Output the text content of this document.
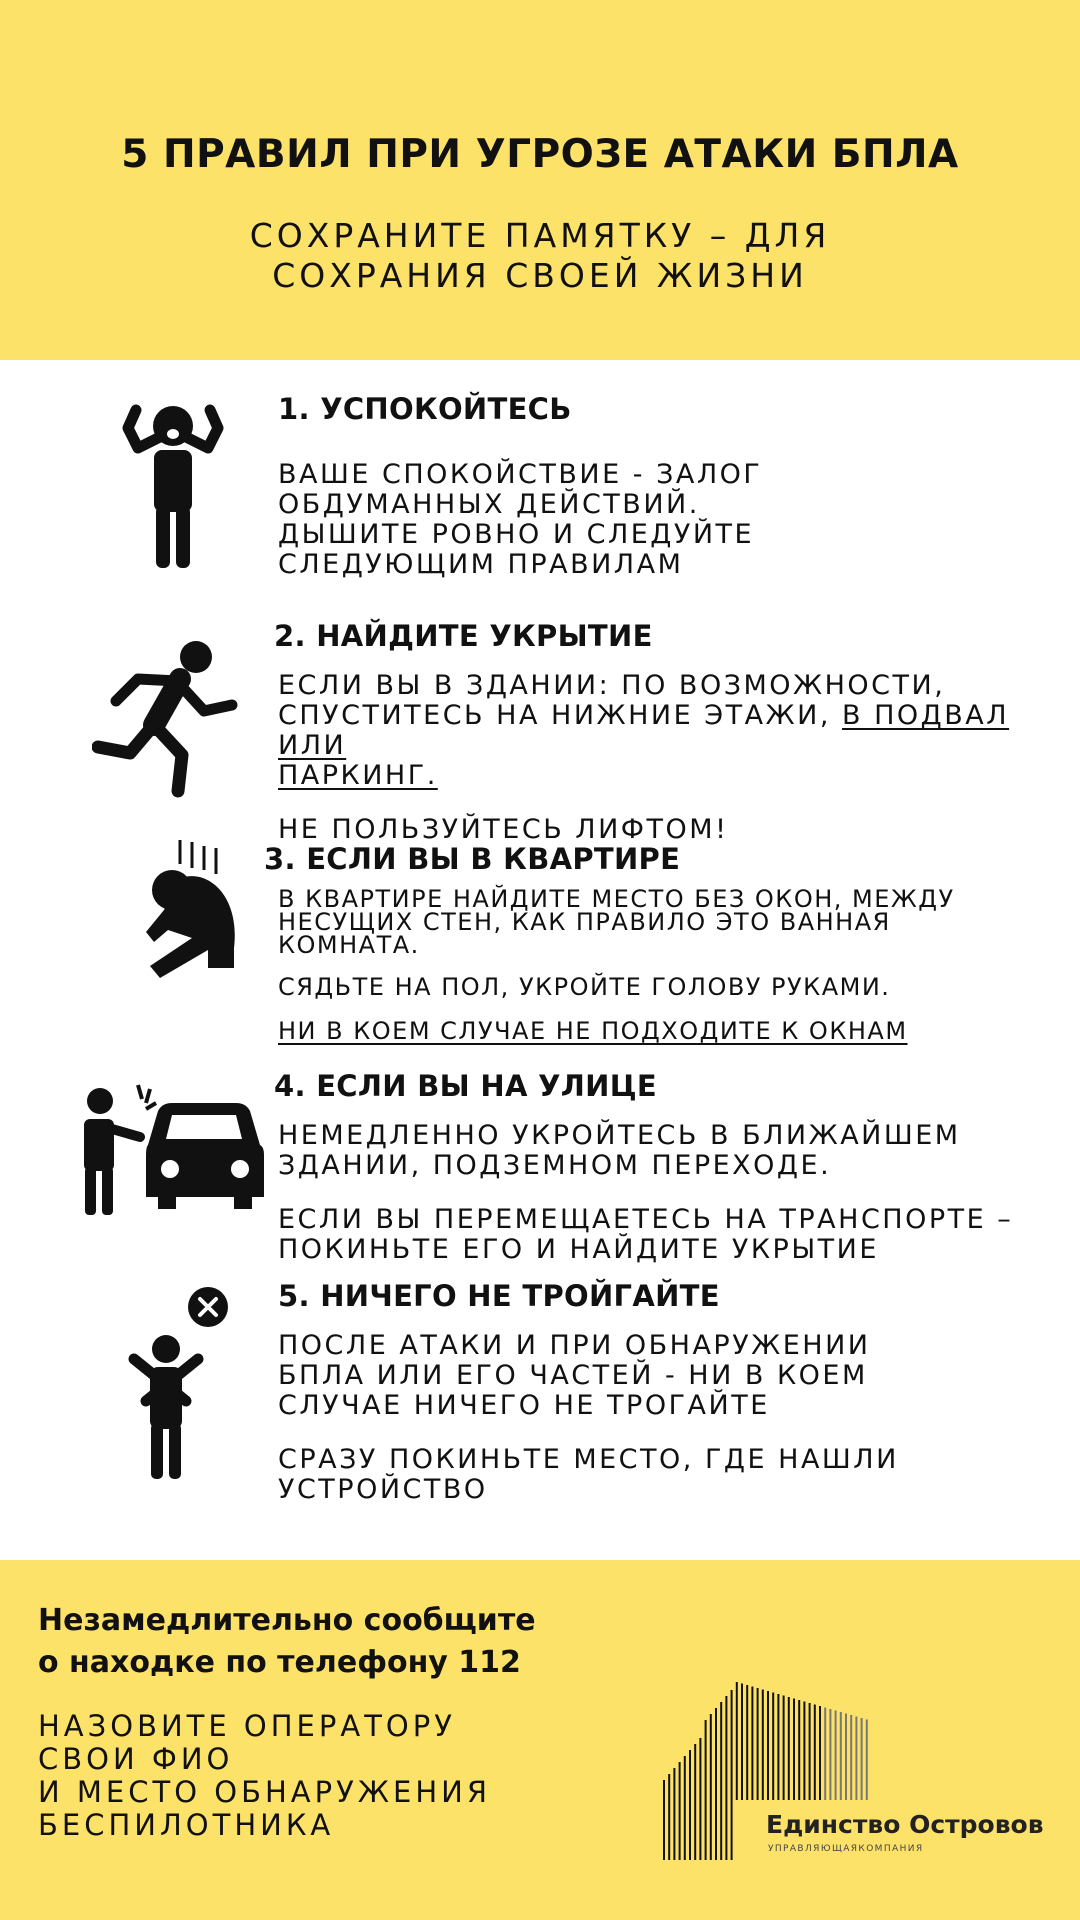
5 ПРАВИЛ ПРИ УГРОЗЕ АТАКИ БПЛА
СОХРАНИТЕ ПАМЯТКУ – ДЛЯ
СОХРАНИЯ СВОЕЙ ЖИЗНИ
1. УСПОКОЙТЕСЬ
ВАШЕ СПОКОЙСТВИЕ - ЗАЛОГ
ОБДУМАННЫХ ДЕЙСТВИЙ.
ДЫШИТЕ РОВНО И СЛЕДУЙТЕ
СЛЕДУЮЩИМ ПРАВИЛАМ
2. НАЙДИТЕ УКРЫТИЕ
ЕСЛИ ВЫ В ЗДАНИИ: ПО ВОЗМОЖНОСТИ,
СПУСТИТЕСЬ НА НИЖНИЕ ЭТАЖИ, В ПОДВАЛ ИЛИ
ПАРКИНГ.
НЕ ПОЛЬЗУЙТЕСЬ ЛИФТОМ!
3. ЕСЛИ ВЫ В КВАРТИРЕ
В КВАРТИРЕ НАЙДИТЕ МЕСТО БЕЗ ОКОН, МЕЖДУ
НЕСУЩИХ СТЕН, КАК ПРАВИЛО ЭТО ВАННАЯ
КОМНАТА.
СЯДЬТЕ НА ПОЛ, УКРОЙТЕ ГОЛОВУ РУКАМИ.
НИ В КОЕМ СЛУЧАЕ НЕ ПОДХОДИТЕ К ОКНАМ
4. ЕСЛИ ВЫ НА УЛИЦЕ
НЕМЕДЛЕННО УКРОЙТЕСЬ В БЛИЖАЙШЕМ
ЗДАНИИ, ПОДЗЕМНОМ ПЕРЕХОДЕ.
ЕСЛИ ВЫ ПЕРЕМЕЩАЕТЕСЬ НА ТРАНСПОРТЕ –
ПОКИНЬТЕ ЕГО И НАЙДИТЕ УКРЫТИЕ
5. НИЧЕГО НЕ ТРОЙГАЙТЕ
ПОСЛЕ АТАКИ И ПРИ ОБНАРУЖЕНИИ
БПЛА ИЛИ ЕГО ЧАСТЕЙ - НИ В КОЕМ
СЛУЧАЕ НИЧЕГО НЕ ТРОГАЙТЕ
СРАЗУ ПОКИНЬТЕ МЕСТО, ГДЕ НАШЛИ
УСТРОЙСТВО
Незамедлительно сообщите
о находке по телефону 112
НАЗОВИТЕ ОПЕРАТОРУ
СВОИ ФИО
И МЕСТО ОБНАРУЖЕНИЯ
БЕСПИЛОТНИКА	Единство Островов
УПРАВЛЯЮЩАЯКОМПАНИЯ
